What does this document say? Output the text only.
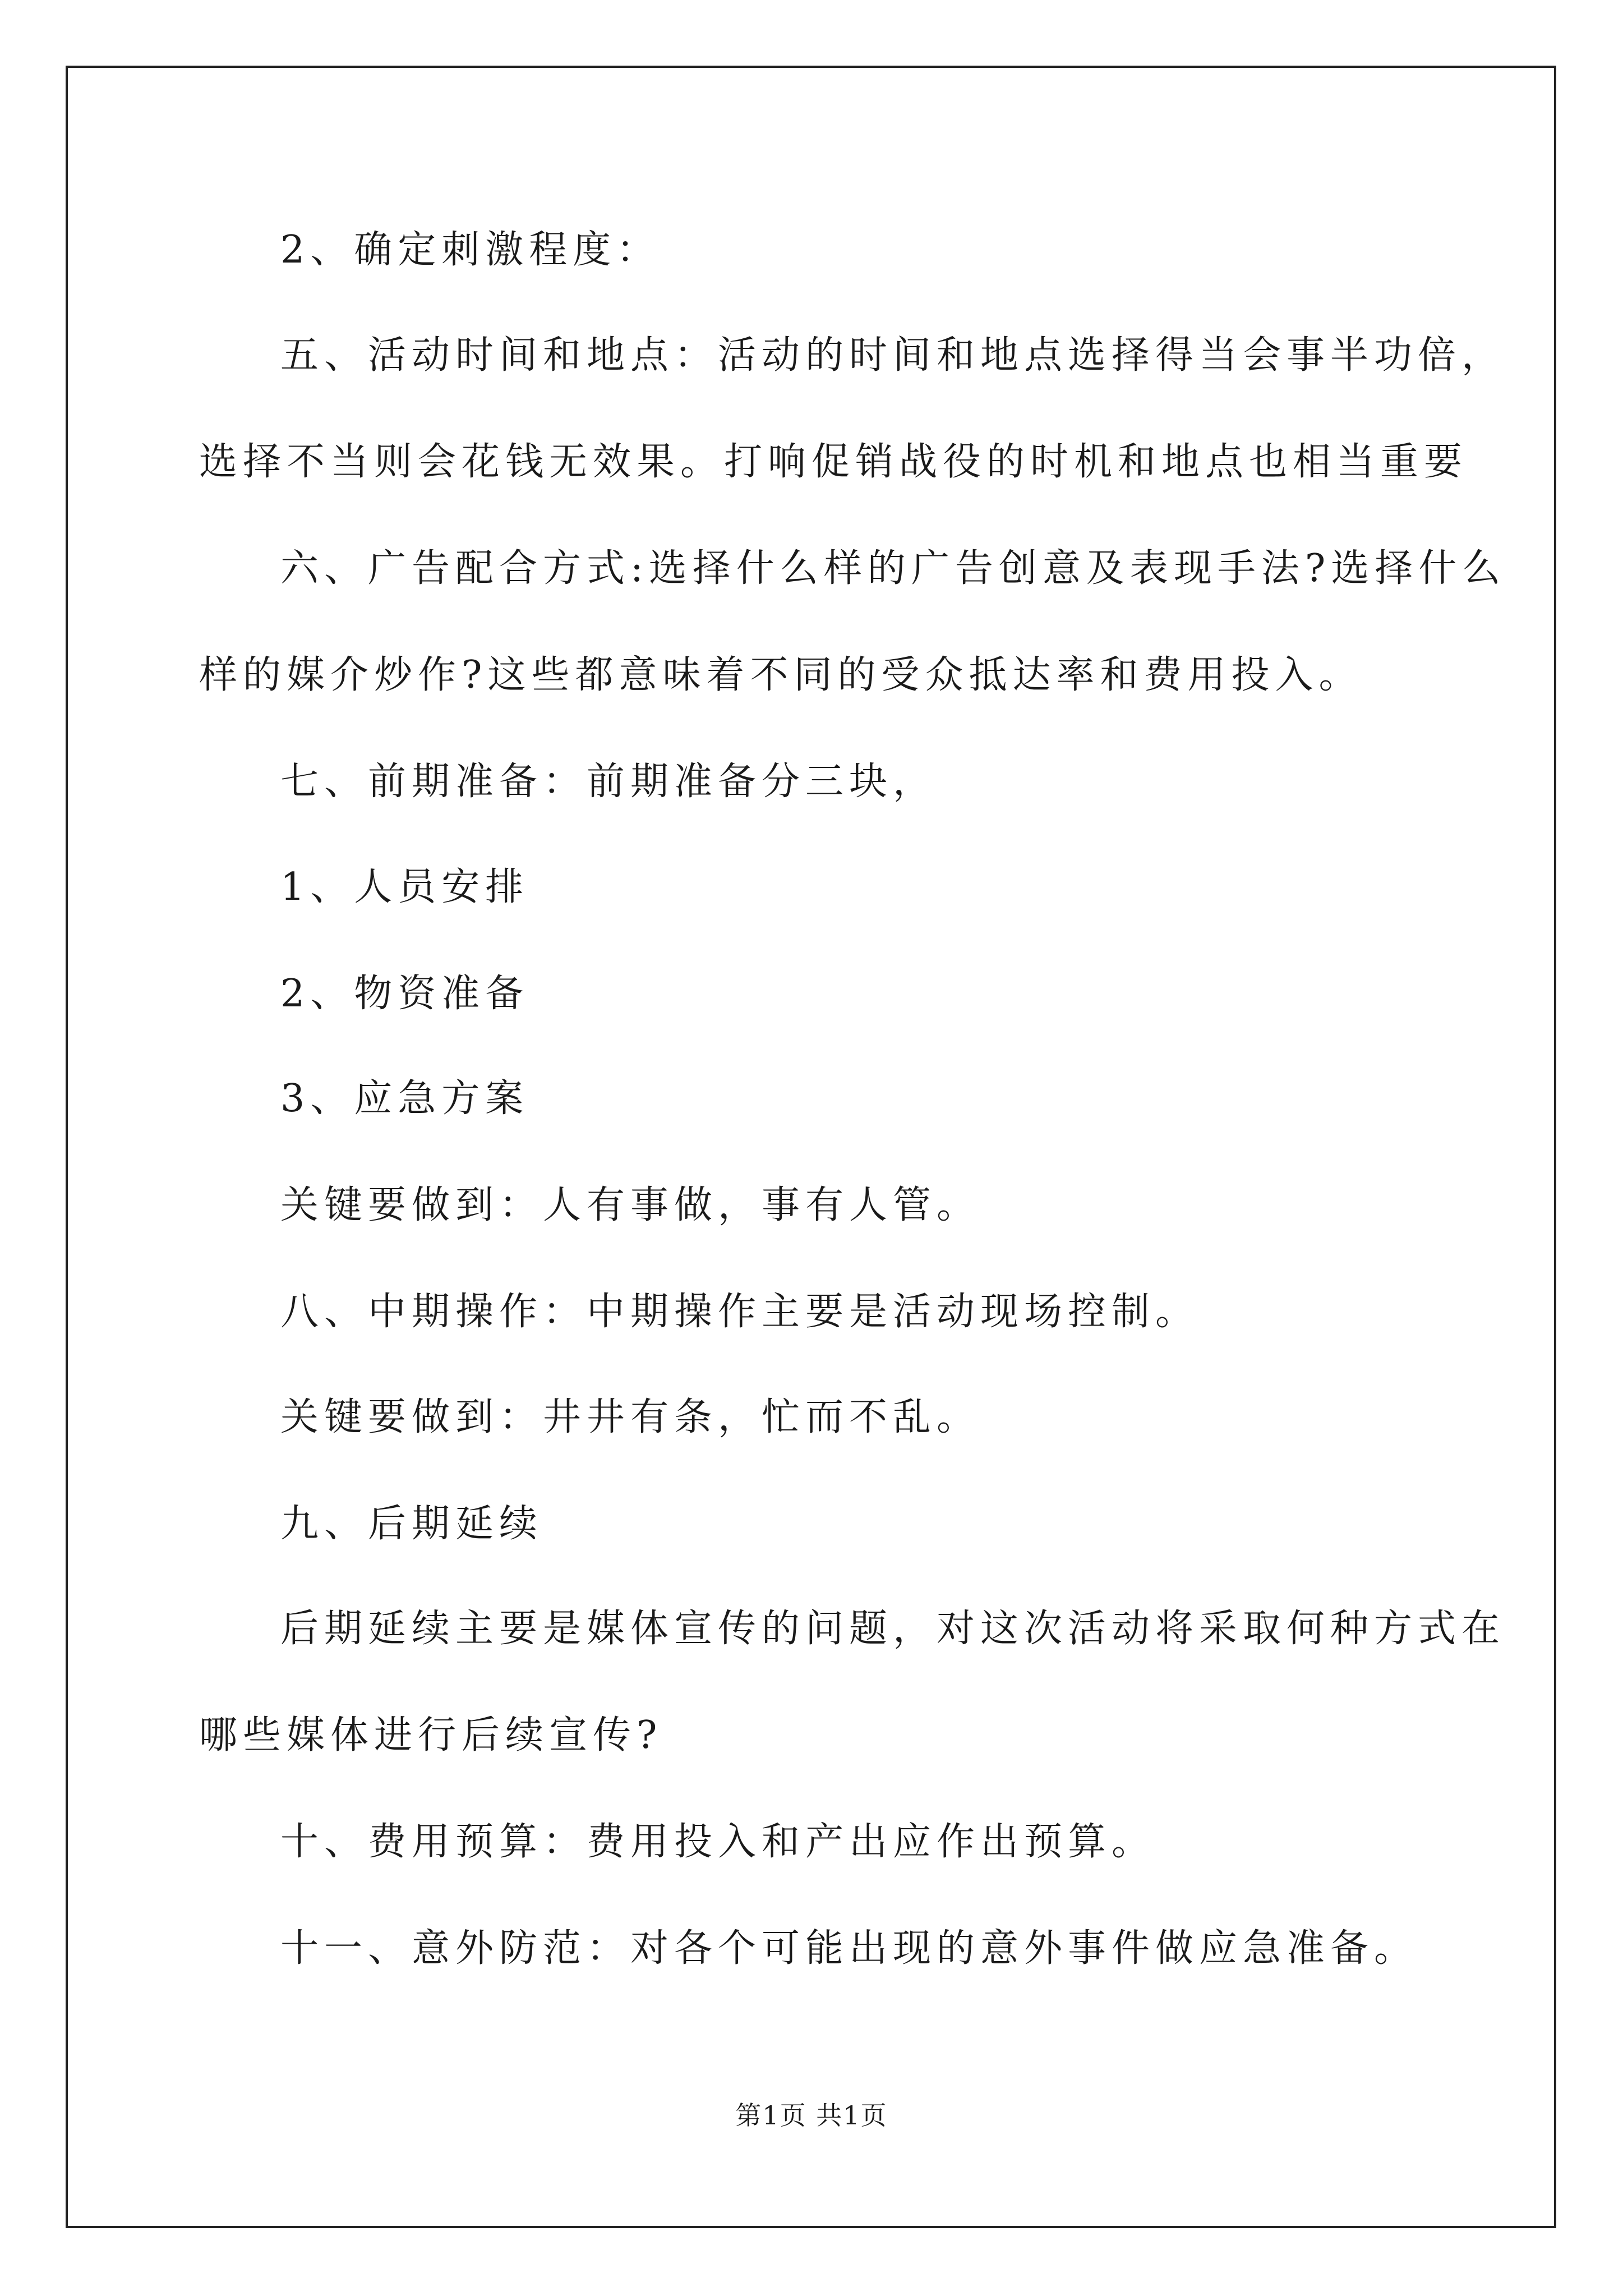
2、确定刺激程度：

五、活动时间和地点：活动的时间和地点选择得当会事半功倍，

选择不当则会花钱无效果。打响促销战役的时机和地点也相当重要

六、广告配合方式:选择什么样的广告创意及表现手法?选择什么

样的媒介炒作?这些都意味着不同的受众抵达率和费用投入。

七、前期准备：前期准备分三块，

1、人员安排

2、物资准备

3、应急方案

关键要做到：人有事做，事有人管。

八、中期操作：中期操作主要是活动现场控制。

关键要做到：井井有条，忙而不乱。

九、后期延续

后期延续主要是媒体宣传的问题，对这次活动将采取何种方式在

哪些媒体进行后续宣传?

十、费用预算：费用投入和产出应作出预算。

十一、意外防范：对各个可能出现的意外事件做应急准备。

第1页 共1页
